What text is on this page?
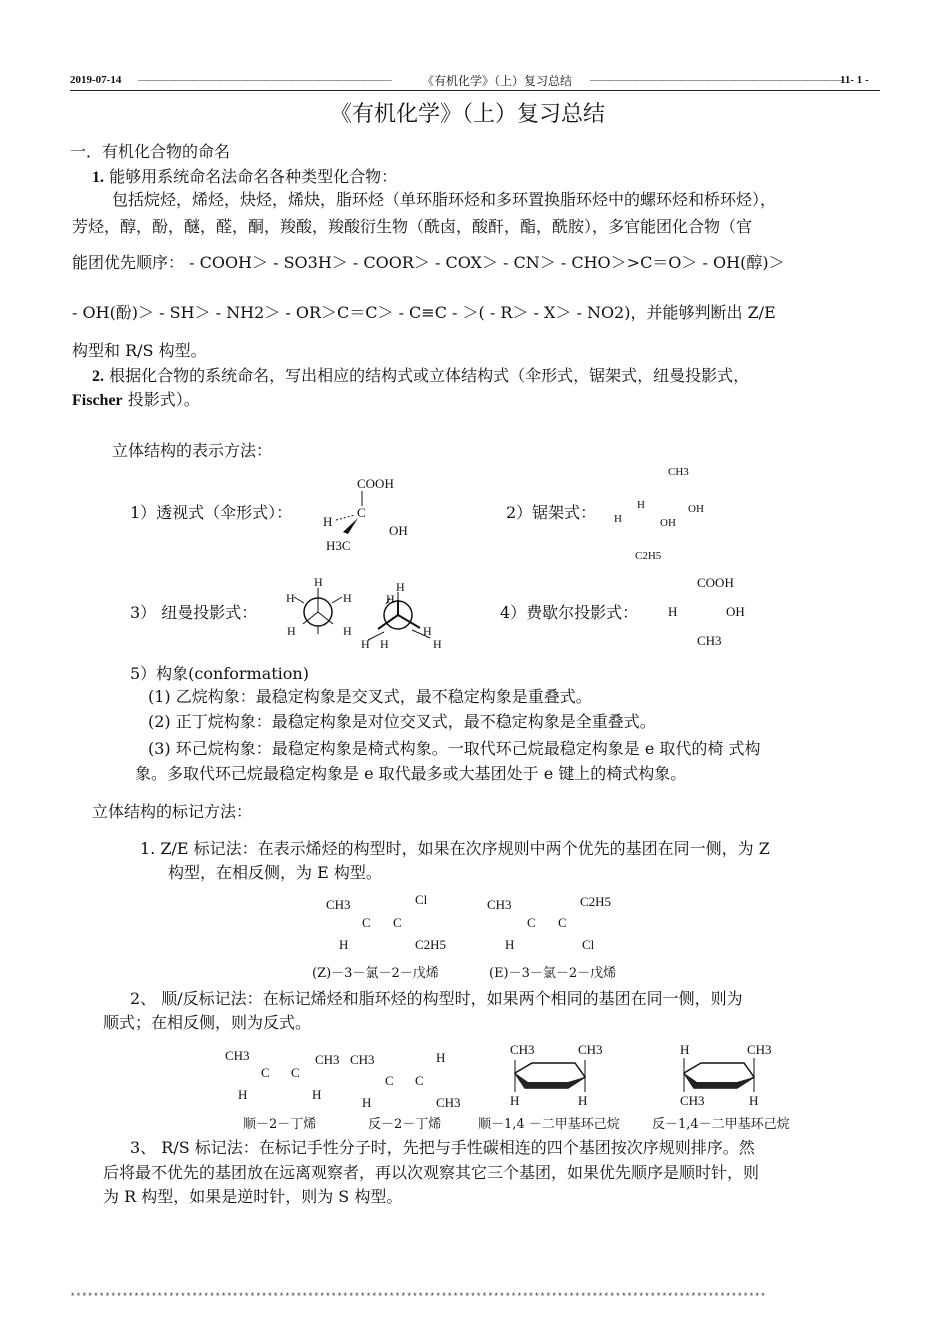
2019-07-14 ————————————————————————————	《有机化学》（上）复习总结 ————————————————————————————
11- 1 -
《有机化学》（上）复习总结
一．有机化合物的命名
1. 能够用系统命名法命名各种类型化合物：
包括烷烃，烯烃，炔烃，烯炔，脂环烃（单环脂环烃和多环置换脂环烃中的螺环烃和桥环烃），
芳烃，醇，酚，醚，醛，酮，羧酸，羧酸衍生物（酰卤，酸酐，酯，酰胺），多官能团化合物（官
能团优先顺序： - COOH＞ - SO3H＞ - COOR＞ - COX＞ - CN＞ - CHO＞>C＝O＞ - OH(醇)＞
- OH(酚)＞ - SH＞ - NH2＞ - OR＞C＝C＞ - C≡C - ＞( - R＞ - X＞ - NO2)，并能够判断出 Z/E
构型和 R/S 构型。
2. 根据化合物的系统命名，写出相应的结构式或立体结构式（伞形式，锯架式，纽曼投影式，
Fischer 投影式）。
立体结构的表示方法：
1）透视式（伞形式）：
COOH
C
H
OH
H3C
2）锯架式：
CH3
H
H
OH
OH
C2H5
3） 纽曼投影式：
H
H	H
H	H
H
H
H
H H	H
4）费歇尔投影式：
COOH
H	OH
CH3
5）构象(conformation)
(1) 乙烷构象：最稳定构象是交叉式，最不稳定构象是重叠式。
(2) 正丁烷构象：最稳定构象是对位交叉式，最不稳定构象是全重叠式。
(3) 环己烷构象：最稳定构象是椅式构象。一取代环己烷最稳定构象是 e 取代的椅 式构
象。多取代环己烷最稳定构象是 e 取代最多或大基团处于 e 键上的椅式构象。
立体结构的标记方法：
1. Z/E 标记法：在表示烯烃的构型时，如果在次序规则中两个优先的基团在同一侧，为 Z
构型，在相反侧，为 E 构型。
CH3	Cl
C C
H	C2H5
CH3	C2H5
C C
H	Cl
(Z)－3－氯－2－戊烯	(E)－3－氯－2－戊烯
2、 顺/反标记法：在标记烯烃和脂环烃的构型时，如果两个相同的基团在同一侧，则为
顺式；在相反侧，则为反式。
CH3	CH3
C C
H	H
CH3	H
C C
H	CH3
CH3	CH3
H	H
H	CH3
CH3	H
顺－2－丁烯	反－2－丁烯	顺－1,4 －二甲基环己烷 反－1,4－二甲基环己烷
3、 R/S 标记法：在标记手性分子时，先把与手性碳相连的四个基团按次序规则排序。然
后将最不优先的基团放在远离观察者，再以次观察其它三个基团，如果优先顺序是顺时针，则
为 R 构型，如果是逆时针，则为 S 构型。
************************************************************************************************************************
